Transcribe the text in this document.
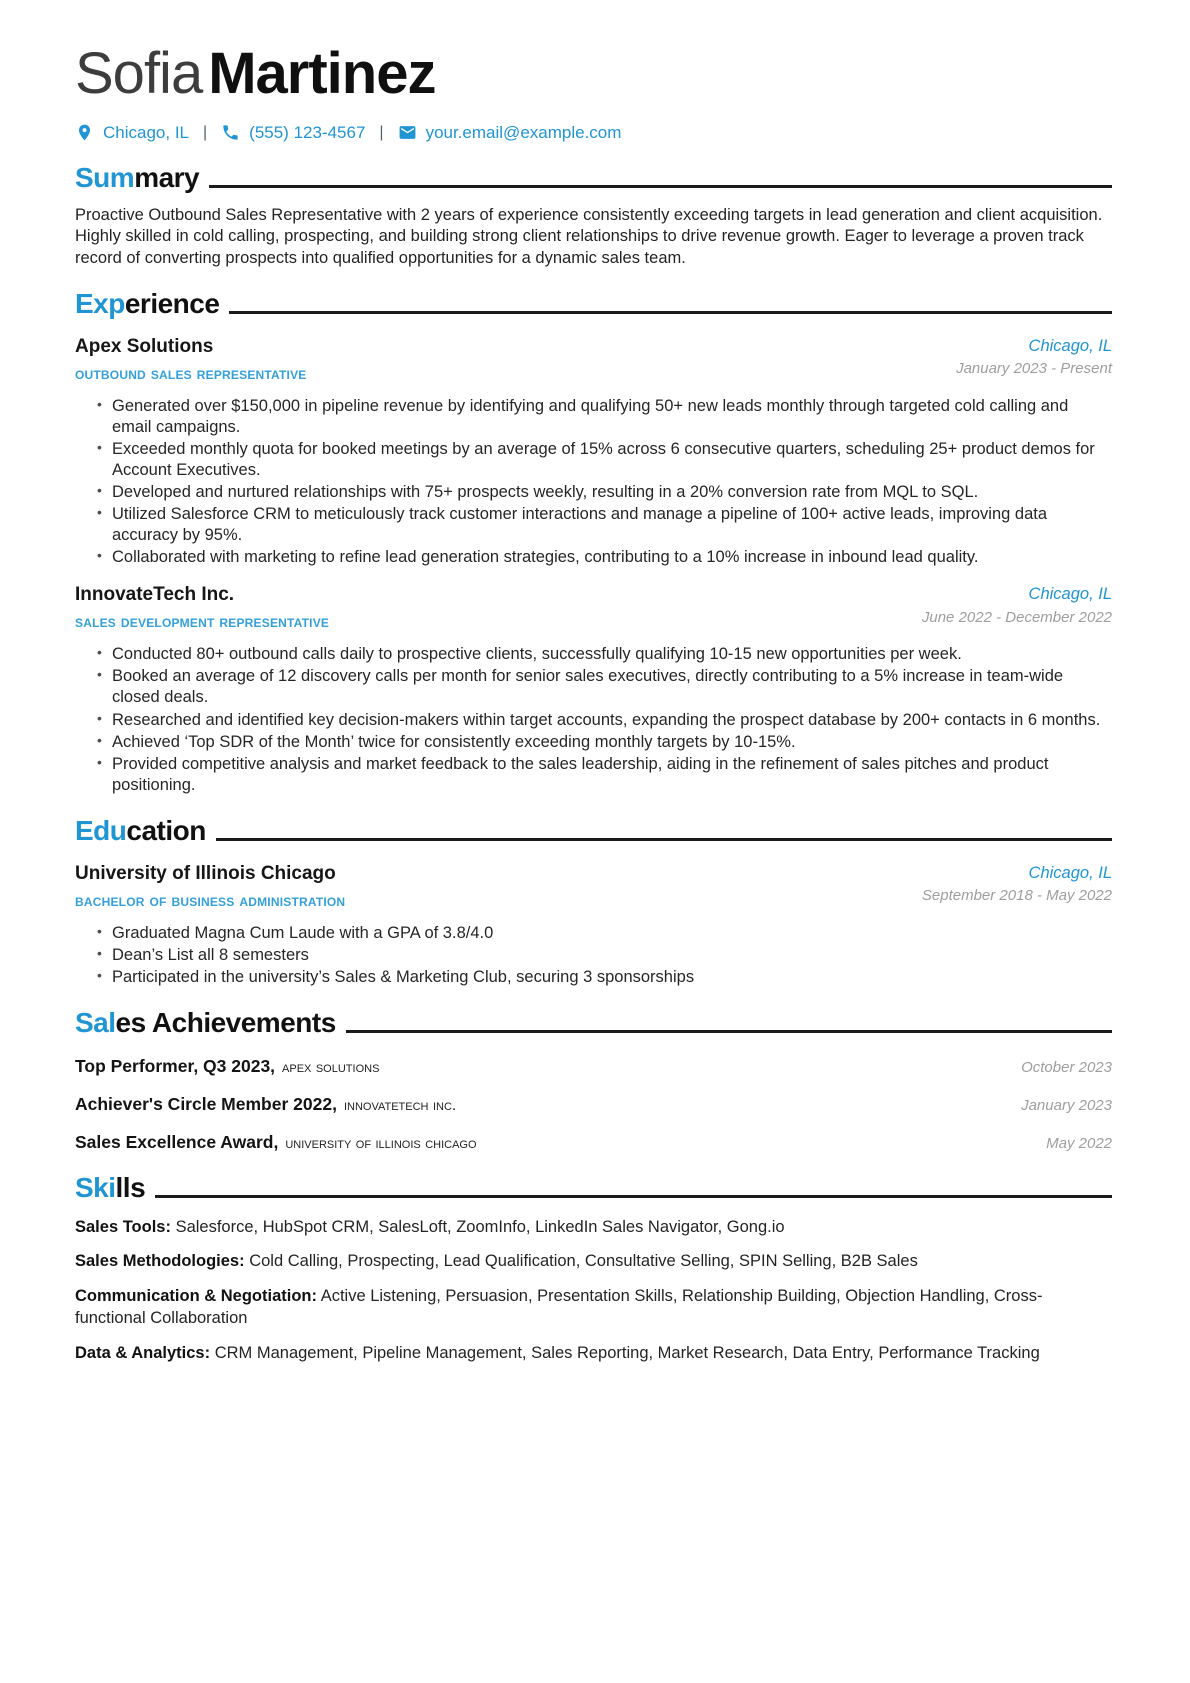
Sofia Martinez
Chicago, IL | (555) 123-4567 | your.email@example.com
Summary

Proactive Outbound Sales Representative with 2 years of experience consistently exceeding targets in lead generation and client acquisition. Highly skilled in cold calling, prospecting, and building strong client relationships to drive revenue growth. Eager to leverage a proven track record of converting prospects into qualified opportunities for a dynamic sales team.

Experience
Apex Solutions
outbound sales representative
Chicago, IL
January 2023 - Present
• Generated over $150,000 in pipeline revenue by identifying and qualifying 50+ new leads monthly through targeted cold calling and email campaigns.
• Exceeded monthly quota for booked meetings by an average of 15% across 6 consecutive quarters, scheduling 25+ product demos for Account Executives.
• Developed and nurtured relationships with 75+ prospects weekly, resulting in a 20% conversion rate from MQL to SQL.
• Utilized Salesforce CRM to meticulously track customer interactions and manage a pipeline of 100+ active leads, improving data accuracy by 95%.
• Collaborated with marketing to refine lead generation strategies, contributing to a 10% increase in inbound lead quality.
InnovateTech Inc.
sales development representative
Chicago, IL
June 2022 - December 2022
• Conducted 80+ outbound calls daily to prospective clients, successfully qualifying 10-15 new opportunities per week.
• Booked an average of 12 discovery calls per month for senior sales executives, directly contributing to a 5% increase in team-wide closed deals.
• Researched and identified key decision-makers within target accounts, expanding the prospect database by 200+ contacts in 6 months.
• Achieved ‘Top SDR of the Month’ twice for consistently exceeding monthly targets by 10-15%.
• Provided competitive analysis and market feedback to the sales leadership, aiding in the refinement of sales pitches and product positioning.
Education
University of Illinois Chicago
bachelor of business administration
Chicago, IL
September 2018 - May 2022
• Graduated Magna Cum Laude with a GPA of 3.8/4.0
• Dean’s List all 8 semesters
• Participated in the university’s Sales & Marketing Club, securing 3 sponsorships
Sales Achievements
Top Performer, Q3 2023, apex solutions	October 2023
Achiever's Circle Member 2022, innovatetech inc.	January 2023
Sales Excellence Award, university of illinois chicago	May 2022
Skills

Sales Tools: Salesforce, HubSpot CRM, SalesLoft, ZoomInfo, LinkedIn Sales Navigator, Gong.io

Sales Methodologies: Cold Calling, Prospecting, Lead Qualification, Consultative Selling, SPIN Selling, B2B Sales

Communication & Negotiation: Active Listening, Persuasion, Presentation Skills, Relationship Building, Objection Handling, Cross-functional Collaboration

Data & Analytics: CRM Management, Pipeline Management, Sales Reporting, Market Research, Data Entry, Performance Tracking
